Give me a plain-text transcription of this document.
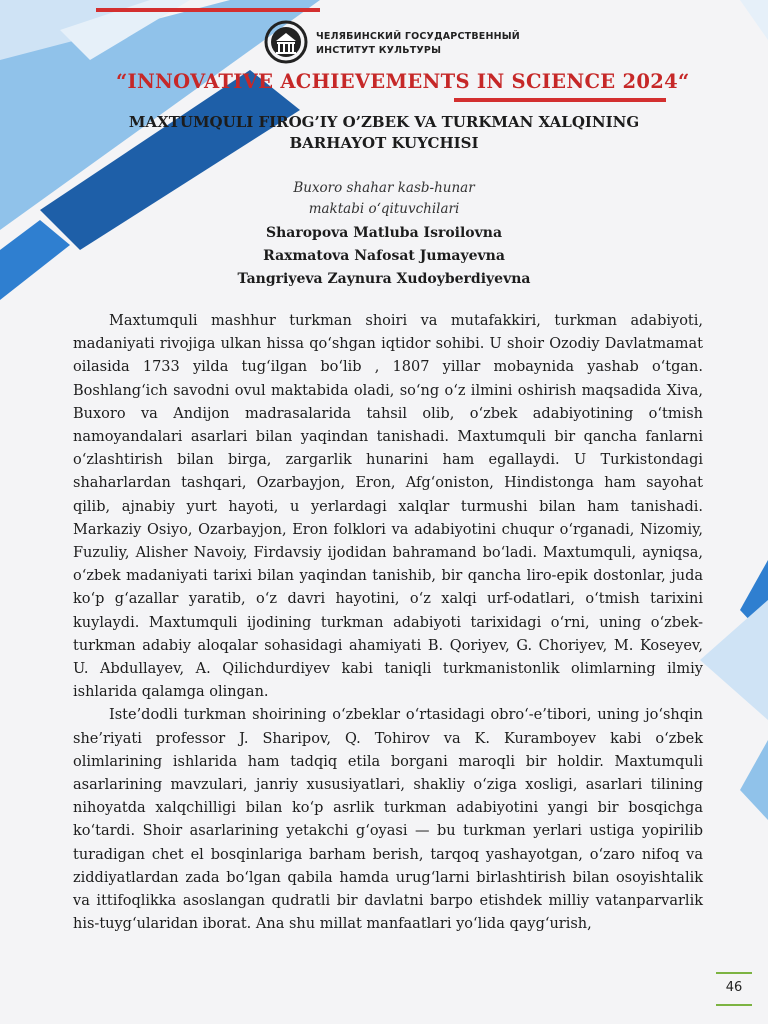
ЧЕЛЯБИНСКИЙ ГОСУДАРСТВЕННЫЙ
ИНСТИТУТ КУЛЬТУРЫ
“INNOVATIVE ACHIEVEMENTS IN SCIENCE 2024“
MAXTUMQULI FIROG’IY O’ZBEK VA TURKMAN XALQINING
BARHAYOT KUYCHISI
Buxoro shahar kasb-hunar
maktabi o‘qituvchilari
Sharopova Matluba Isroilovna
Raxmatova Nafosat Jumayevna
Tangriyeva Zaynura Xudoyberdiyevna

Maxtumquli mashhur turkman shoiri va mutafakkiri, turkman adabiyoti, madaniyati rivojiga ulkan hissa qo‘shgan iqtidor sohibi. U shoir Ozodiy Davlatmamat oilasida 1733 yilda tug‘ilgan bo‘lib , 1807 yillar mobaynida yashab o‘tgan. Boshlang‘ich savodni ovul maktabida oladi, so‘ng o‘z ilmini oshirish maqsadida Xiva, Buxoro va Andijon madrasalarida tahsil olib, o‘zbek adabiyotining o‘tmish namoyandalari asarlari bilan yaqindan tanishadi. Maxtumquli bir qancha fanlarni o‘zlashtirish bilan birga, zargarlik hunarini ham egallaydi. U Turkistondagi shaharlardan tashqari, Ozarbayjon, Eron, Afg‘oniston, Hindistonga ham sayohat qilib, ajnabiy yurt hayoti, u yerlardagi xalqlar turmushi bilan ham tanishadi. Markaziy Osiyo, Ozarbayjon, Eron folklori va adabiyotini chuqur o‘rganadi, Nizomiy, Fuzuliy, Alisher Navoiy, Firdavsiy ijodidan bahramand bo‘ladi. Maxtumquli, ayniqsa, o‘zbek madaniyati tarixi bilan yaqindan tanishib, bir qancha liro-epik dostonlar, juda ko‘p g‘azallar yaratib, o‘z davri hayotini, o‘z xalqi urf-odatlari, o‘tmish tarixini kuylaydi. Maxtumquli ijodining turkman adabiyoti tarixidagi o‘rni, uning o‘zbek-turkman adabiy aloqalar sohasidagi ahamiyati B. Qoriyev, G. Choriyev, M. Koseyev, U. Abdullayev, A. Qilichdurdiyev kabi taniqli turkmanistonlik olimlarning ilmiy ishlarida qalamga olingan.

Iste’dodli turkman shoirining o‘zbeklar o‘rtasidagi obro‘-e’tibori, uning jo‘shqin she’riyati professor J. Sharipov, Q. Tohirov va K. Kuramboyev kabi o‘zbek olimlarining ishlarida ham tadqiq etila borgani maroqli bir holdir. Maxtumquli asarlarining mavzulari, janriy xususiyatlari, shakliy o‘ziga xosligi, asarlari tilining nihoyatda xalqchilligi bilan ko‘p asrlik turkman adabiyotini yangi bir bosqichga ko‘tardi. Shoir asarlarining yetakchi g‘oyasi — bu turkman yerlari ustiga yopirilib turadigan chet el bosqinlariga barham berish, tarqoq yashayotgan, o‘zaro nifoq va ziddiyatlardan zada bo‘lgan qabila hamda urug‘larni birlashtirish bilan osoyishtalik va ittifoqlikka asoslangan qudratli bir davlatni barpo etishdek milliy vatanparvarlik his-tuyg‘ularidan iborat. Ana shu millat manfaatlari yo‘lida qayg‘urish,

46
